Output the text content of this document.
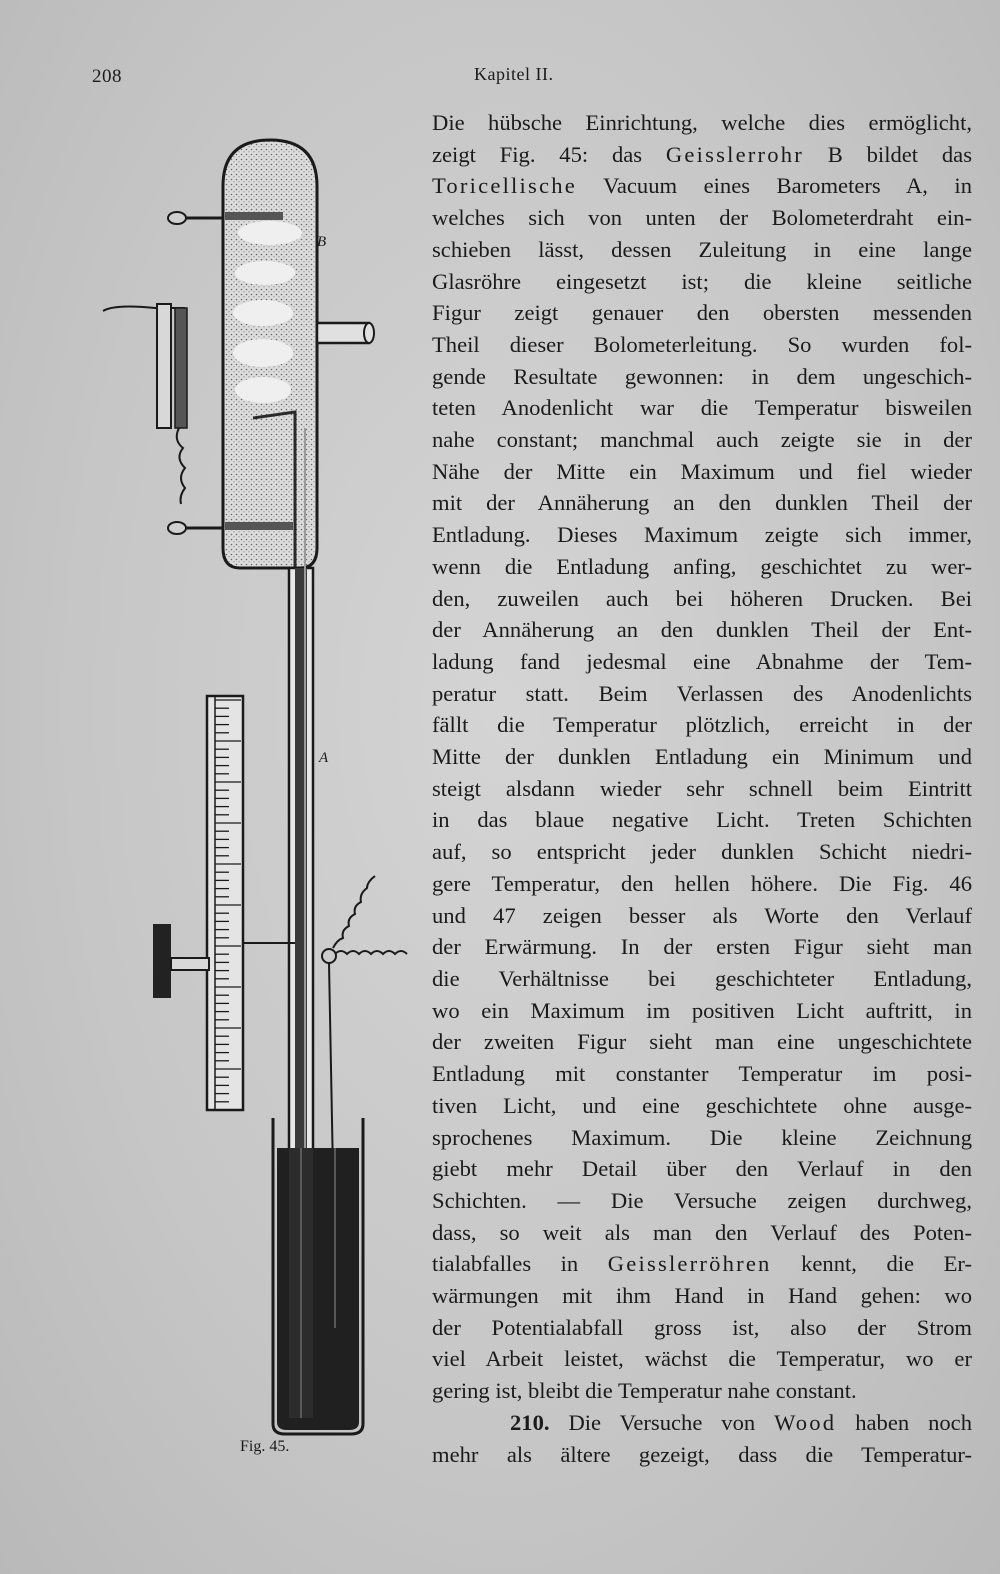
208	Kapitel II.
B
A
Fig. 45.
Die hübsche Einrichtung, welche dies ermöglicht,
zeigt Fig. 45: das Geisslerrohr B bildet das
Toricellische Vacuum eines Barometers A, in
welches sich von unten der Bolometerdraht ein-
schieben lässt, dessen Zuleitung in eine lange
Glasröhre eingesetzt ist; die kleine seitliche
Figur zeigt genauer den obersten messenden
Theil dieser Bolometerleitung. So wurden fol-
gende Resultate gewonnen: in dem ungeschich-
teten Anodenlicht war die Temperatur bisweilen
nahe constant; manchmal auch zeigte sie in der
Nähe der Mitte ein Maximum und fiel wieder
mit der Annäherung an den dunklen Theil der
Entladung. Dieses Maximum zeigte sich immer,
wenn die Entladung anfing, geschichtet zu wer-
den, zuweilen auch bei höheren Drucken. Bei
der Annäherung an den dunklen Theil der Ent-
ladung fand jedesmal eine Abnahme der Tem-
peratur statt. Beim Verlassen des Anodenlichts
fällt die Temperatur plötzlich, erreicht in der
Mitte der dunklen Entladung ein Minimum und
steigt alsdann wieder sehr schnell beim Eintritt
in das blaue negative Licht. Treten Schichten
auf, so entspricht jeder dunklen Schicht niedri-
gere Temperatur, den hellen höhere. Die Fig. 46
und 47 zeigen besser als Worte den Verlauf
der Erwärmung. In der ersten Figur sieht man
die Verhältnisse bei geschichteter Entladung,
wo ein Maximum im positiven Licht auftritt, in
der zweiten Figur sieht man eine ungeschichtete
Entladung mit constanter Temperatur im posi-
tiven Licht, und eine geschichtete ohne ausge-
sprochenes Maximum. Die kleine Zeichnung
giebt mehr Detail über den Verlauf in den
Schichten. — Die Versuche zeigen durchweg,
dass, so weit als man den Verlauf des Poten-
tialabfalles in Geisslerröhren kennt, die Er-
wärmungen mit ihm Hand in Hand gehen: wo
der Potentialabfall gross ist, also der Strom
viel Arbeit leistet, wächst die Temperatur, wo er
gering ist, bleibt die Temperatur nahe constant.
210. Die Versuche von Wood haben noch
mehr als ältere gezeigt, dass die Temperatur-
